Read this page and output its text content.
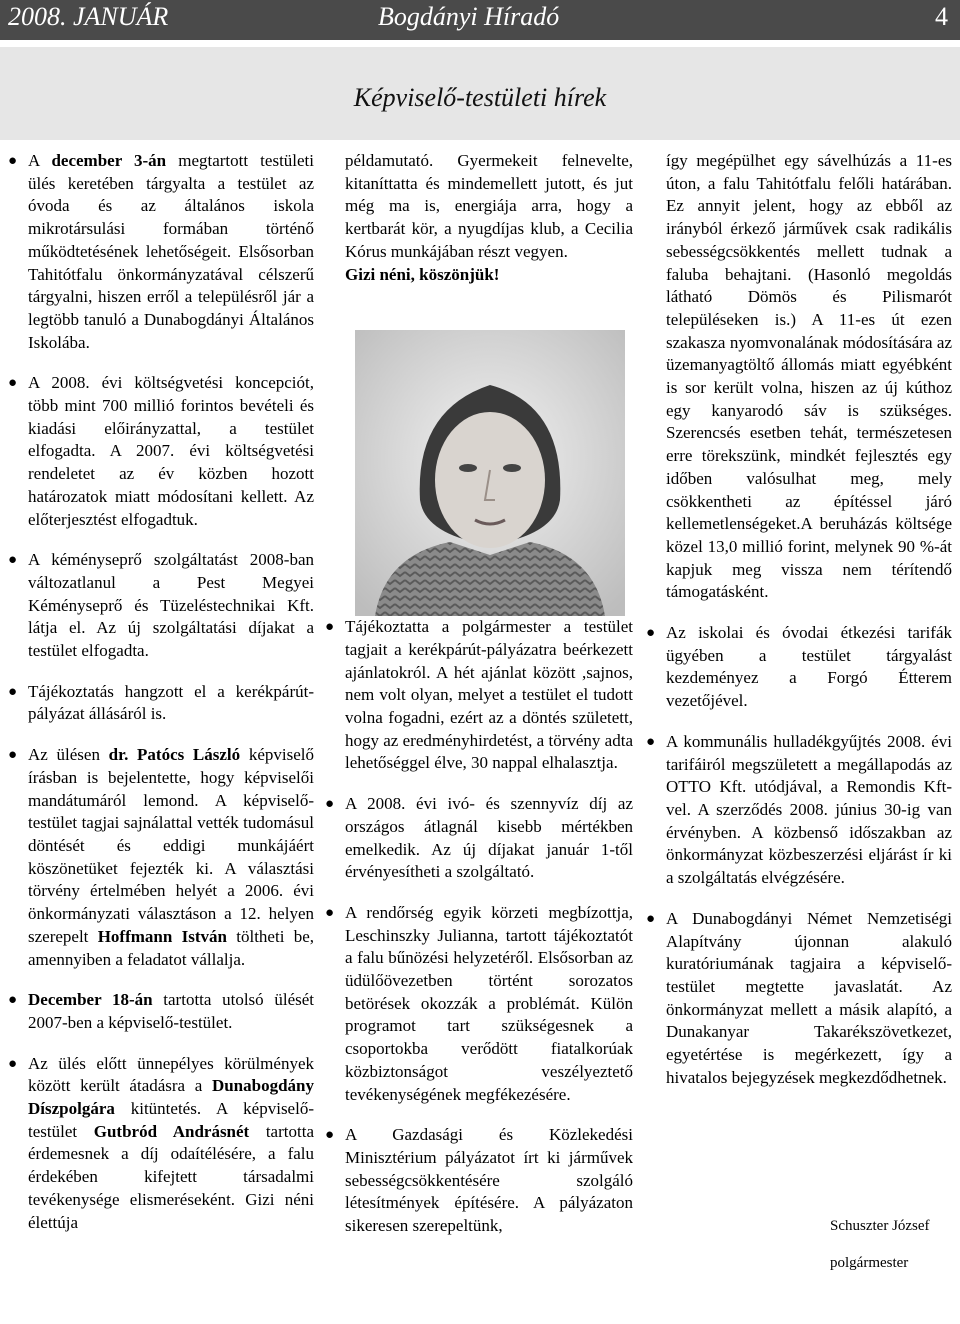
2008. JANUÁR	Bogdányi Híradó	4
Képviselő-testületi hírek
● A december 3-án megtartott testületi ülés keretében tárgyalta a testület az óvoda és az általános iskola mikrotársulási formában történő működtetésének lehetőségeit. Elsősorban Tahitótfalu önkormányzatával célszerű tárgyalni, hiszen erről a településről jár a legtöbb tanuló a Dunabogdányi Általános Iskolába.

● A 2008. évi költségvetési koncepciót, több mint 700 millió forintos bevételi és kiadási előirányzattal, a testület elfogadta. A 2007. évi költségvetési rendeletet az év közben hozott határozatok miatt módosítani kellett. Az előterjesztést elfogadtuk.

● A kéményseprő szolgáltatást 2008-ban változatlanul a Pest Megyei Kéményseprő és Tüzeléstechnikai Kft. látja el. Az új szolgáltatási díjakat a testület elfogadta.

● Tájékoztatás hangzott el a kerékpárút-pályázat állásáról is.

● Az ülésen dr. Patócs László képviselő írásban is bejelentette, hogy képviselői mandátumáról lemond. A képviselő-testület tagjai sajnálattal vették tudomásul döntését és eddigi munkájáért köszönetüket fejezték ki. A választási törvény értelmében helyét a 2006. évi önkormányzati választáson a 12. helyen szerepelt Hoffmann István töltheti be, amennyiben a feladatot vállalja.

● December 18-án tartotta utolsó ülését 2007-ben a képviselő-testület.

● Az ülés előtt ünnepélyes körülmények között került átadásra a Dunabogdány Díszpolgára kitüntetés. A képviselő-testület Gutbród Andrásnét tartotta érdemesnek a díj odaítélésére, a falu érdekében kifejtett társadalmi tevékenysége elismeréseként. Gizi néni élettúja

példamutató. Gyermekeit felnevelte, kitaníttatta és mindemellett jutott, és jut még ma is, energiája arra, hogy a kertbarát kör, a nyugdíjas klub, a Cecilia Kórus munkájában részt vegyen.

Gizi néni, köszönjük!

● Tájékoztatta a polgármester a testület tagjait a kerékpárút-pályázatra beérkezett ajánlatokról. A hét ajánlat között ,sajnos, nem volt olyan, melyet a testület el tudott volna fogadni, ezért az a döntés született, hogy az eredményhirdetést, a törvény adta lehetőséggel élve, 30 nappal elhalasztja.

● A 2008. évi ivó- és szennyvíz díj az országos átlagnál kisebb mértékben emelkedik. Az új díjakat január 1-től érvényesítheti a szolgáltató.

● A rendőrség egyik körzeti megbízottja, Leschinszky Julianna, tartott tájékoztatót a falu bűnözési helyzetéről. Elsősorban az üdülőövezetben történt sorozatos betörések okozzák a problémát. Külön programot tart szükségesnek a csoportokba verődött fiatalkorúak közbiztonságot veszélyeztető tevékenységének megfékezésére.

● A Gazdasági és Közlekedési Minisztérium pályázatot írt ki járművek sebességcsökkentésére szolgáló létesítmények építésére. A pályázaton sikeresen szerepeltünk,

így megépülhet egy sávelhúzás a 11-es úton, a falu Tahitótfalu felőli határában. Ez annyit jelent, hogy az ebből az irányból érkező járművek csak radikális sebességcsökkentés mellett tudnak a faluba behajtani. (Hasonló megoldás látható Dömös és Pilismarót településeken is.) A 11-es út ezen szakasza nyomvonalának módosítására az üzemanyagtöltő állomás miatt egyébként is sor került volna, hiszen az új kúthoz egy kanyarodó sáv is szükséges. Szerencsés esetben tehát, természetesen erre törekszünk, mindkét fejlesztés egy időben valósulhat meg, mely csökkentheti az építéssel járó kellemetlenségeket.A beruházás költsége közel 13,0 millió forint, melynek 90 %-át kapjuk meg vissza nem térítendő támogatásként.

● Az iskolai és óvodai étkezési tarifák ügyében a testület tárgyalást kezdeményez a Forgó Étterem vezetőjével.

● A kommunális hulladékgyűjtés 2008. évi tarifáiról megszületett a megállapodás az OTTO Kft. utódjával, a Remondis Kft-vel. A szerződés 2008. június 30-ig van érvényben. A közbenső időszakban az önkormányzat közbeszerzési eljárást ír ki a szolgáltatás elvégzésére.

● A Dunabogdányi Német Nemzetiségi Alapítvány újonnan alakuló kuratóriumának tagjaira a képviselő-testület megtette javaslatát. Az önkormányzat mellett a másik alapító, a Dunakanyar Takarékszövetkezet, egyetértése is megérkezett, így a hivatalos bejegyzések megkezdődhetnek.

Schuszter József
polgármester
